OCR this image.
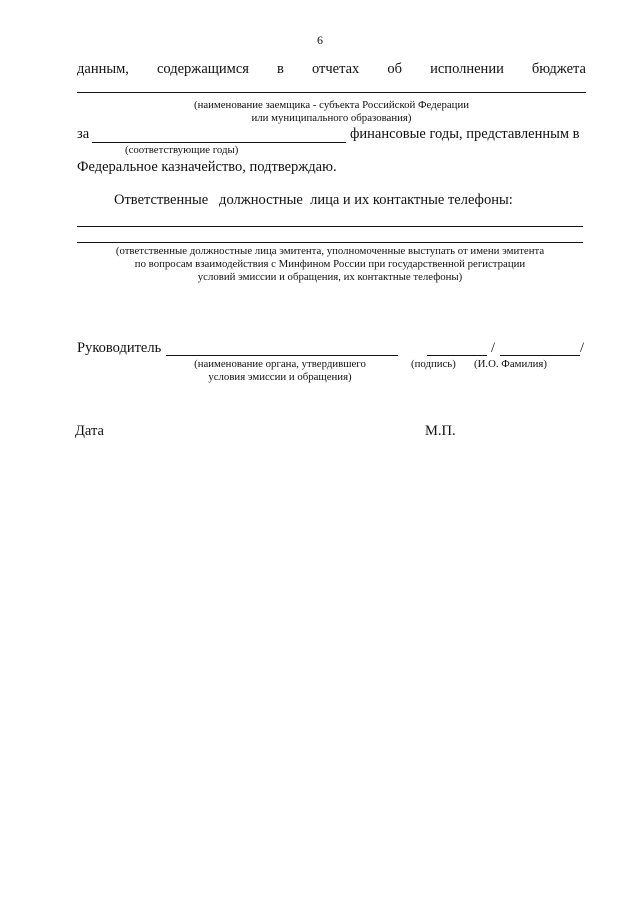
6
данным, содержащимся в отчетах об исполнении бюджета
(наименование заемщика - субъекта Российской Федерации
или муниципального образования)
за	финансовые годы, представленным в
(соответствующие годы)
Федеральное казначейство, подтверждаю.
Ответственные   должностные  лица и их контактные телефоны:
(ответственные должностные лица эмитента, уполномоченные выступать от имени эмитента
по вопросам взаимодействия с Минфином России при государственной регистрации
условий эмиссии и обращения, их контактные телефоны)
Руководитель	/	/
(наименование органа, утвердившего
условия эмиссии и обращения)
(подпись) (И.О. Фамилия)
Дата	М.П.
